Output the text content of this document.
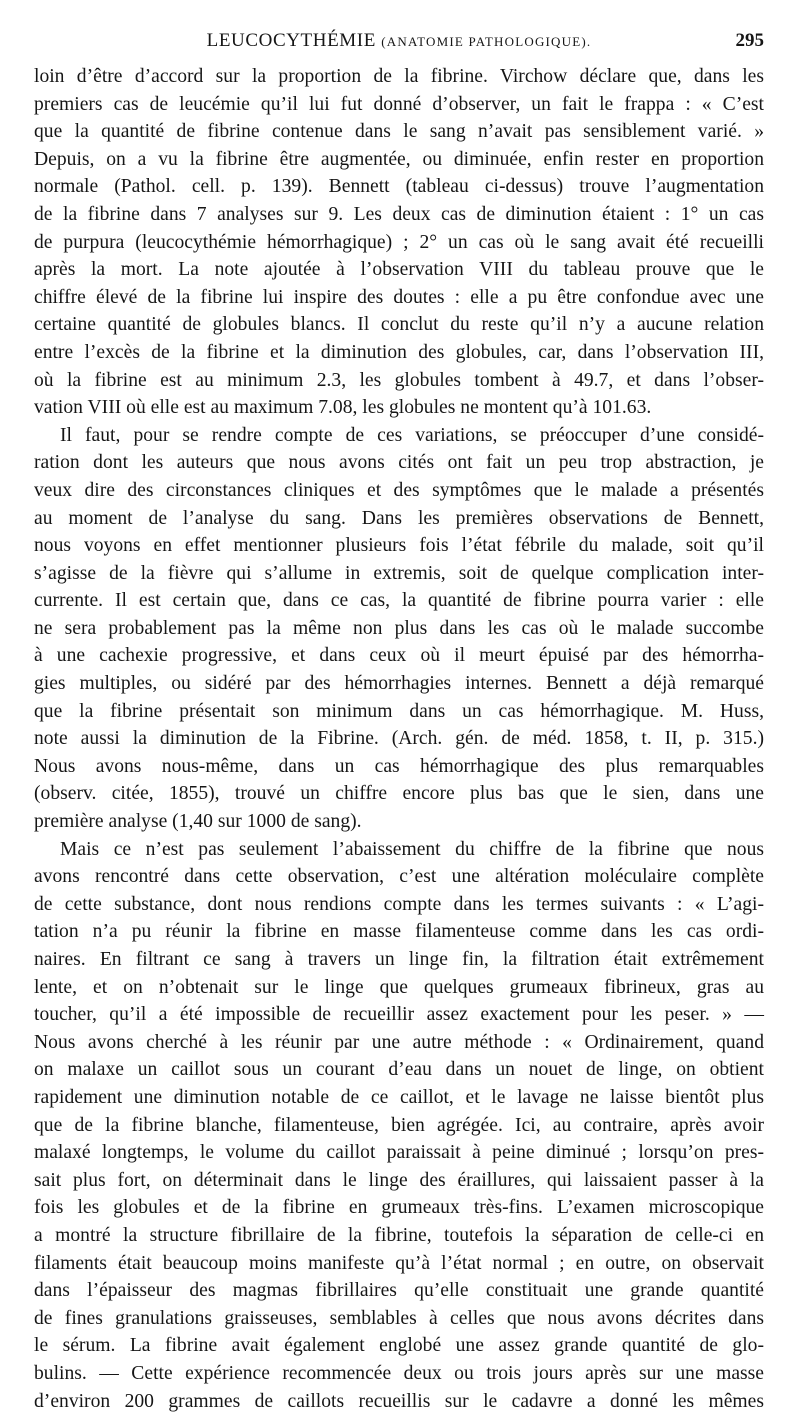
LEUCOCYTHÉMIE (ANATOMIE PATHOLOGIQUE).	295
loin d’être d’accord sur la proportion de la fibrine. Virchow déclare que, dans les
premiers cas de leucémie qu’il lui fut donné d’observer, un fait le frappa : « C’est
que la quantité de fibrine contenue dans le sang n’avait pas sensiblement varié. »
Depuis, on a vu la fibrine être augmentée, ou diminuée, enfin rester en proportion
normale (Pathol. cell. p. 139). Bennett (tableau ci-dessus) trouve l’augmentation
de la fibrine dans 7 analyses sur 9. Les deux cas de diminution étaient : 1° un cas
de purpura (leucocythémie hémorrhagique) ; 2° un cas où le sang avait été recueilli
après la mort. La note ajoutée à l’observation VIII du tableau prouve que le
chiffre élevé de la fibrine lui inspire des doutes : elle a pu être confondue avec une
certaine quantité de globules blancs. Il conclut du reste qu’il n’y a aucune relation
entre l’excès de la fibrine et la diminution des globules, car, dans l’observation III,
où la fibrine est au minimum 2.3, les globules tombent à 49.7, et dans l’obser-
vation VIII où elle est au maximum 7.08, les globules ne montent qu’à 101.63.
Il faut, pour se rendre compte de ces variations, se préoccuper d’une considé-
ration dont les auteurs que nous avons cités ont fait un peu trop abstraction, je
veux dire des circonstances cliniques et des symptômes que le malade a présentés
au moment de l’analyse du sang. Dans les premières observations de Bennett,
nous voyons en effet mentionner plusieurs fois l’état fébrile du malade, soit qu’il
s’agisse de la fièvre qui s’allume in extremis, soit de quelque complication inter-
currente. Il est certain que, dans ce cas, la quantité de fibrine pourra varier : elle
ne sera probablement pas la même non plus dans les cas où le malade succombe
à une cachexie progressive, et dans ceux où il meurt épuisé par des hémorrha-
gies multiples, ou sidéré par des hémorrhagies internes. Bennett a déjà remarqué
que la fibrine présentait son minimum dans un cas hémorrhagique. M. Huss,
note aussi la diminution de la Fibrine. (Arch. gén. de méd. 1858, t. II, p. 315.)
Nous avons nous-même, dans un cas hémorrhagique des plus remarquables
(observ. citée, 1855), trouvé un chiffre encore plus bas que le sien, dans une
première analyse (1,40 sur 1000 de sang).
Mais ce n’est pas seulement l’abaissement du chiffre de la fibrine que nous
avons rencontré dans cette observation, c’est une altération moléculaire complète
de cette substance, dont nous rendions compte dans les termes suivants : « L’agi-
tation n’a pu réunir la fibrine en masse filamenteuse comme dans les cas ordi-
naires. En filtrant ce sang à travers un linge fin, la filtration était extrêmement
lente, et on n’obtenait sur le linge que quelques grumeaux fibrineux, gras au
toucher, qu’il a été impossible de recueillir assez exactement pour les peser. » —
Nous avons cherché à les réunir par une autre méthode : « Ordinairement, quand
on malaxe un caillot sous un courant d’eau dans un nouet de linge, on obtient
rapidement une diminution notable de ce caillot, et le lavage ne laisse bientôt plus
que de la fibrine blanche, filamenteuse, bien agrégée. Ici, au contraire, après avoir
malaxé longtemps, le volume du caillot paraissait à peine diminué ; lorsqu’on pres-
sait plus fort, on déterminait dans le linge des éraillures, qui laissaient passer à la
fois les globules et de la fibrine en grumeaux très-fins. L’examen microscopique
a montré la structure fibrillaire de la fibrine, toutefois la séparation de celle-ci en
filaments était beaucoup moins manifeste qu’à l’état normal ; en outre, on observait
dans l’épaisseur des magmas fibrillaires qu’elle constituait une grande quantité
de fines granulations graisseuses, semblables à celles que nous avons décrites dans
le sérum. La fibrine avait également englobé une assez grande quantité de glo-
bulins. — Cette expérience recommencée deux ou trois jours après sur une masse
d’environ 200 grammes de caillots recueillis sur le cadavre a donné les mêmes
